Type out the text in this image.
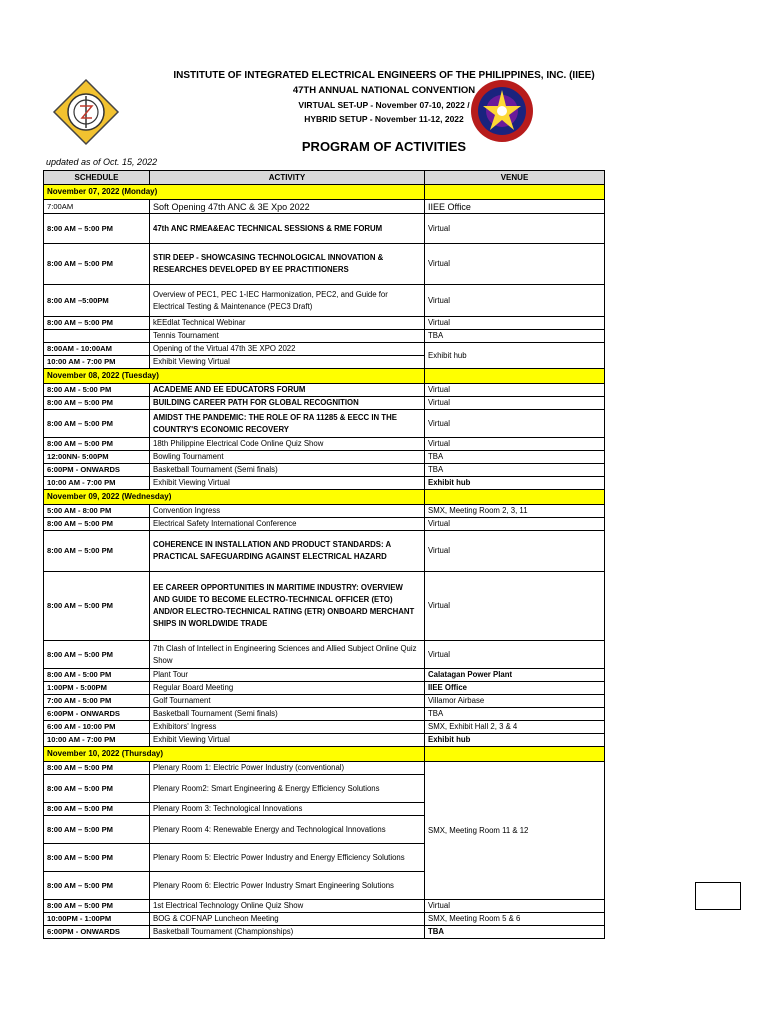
INSTITUTE OF INTEGRATED ELECTRICAL ENGINEERS OF THE PHILIPPINES, INC. (IIEE)
47TH ANNUAL NATIONAL CONVENTION
VIRTUAL SET-UP - November 07-10, 2022 /
HYBRID SETUP - November 11-12, 2022
PROGRAM OF ACTIVITIES
updated as of Oct. 15, 2022
SCHEDULE	ACTIVITY	VENUE
November 07, 2022 (Monday)		
7:00AM	Soft Opening 47th ANC & 3E Xpo 2022	IIEE Office
8:00 AM – 5:00 PM	47th ANC RMEA&EAC TECHNICAL SESSIONS & RME FORUM	Virtual
8:00 AM – 5:00 PM	STIR DEEP - SHOWCASING TECHNOLOGICAL INNOVATION & RESEARCHES DEVELOPED BY EE PRACTITIONERS	Virtual
8:00 AM –5:00PM	Overview of PEC1, PEC 1-IEC Harmonization, PEC2, and Guide for Electrical Testing & Maintenance (PEC3 Draft)	Virtual
8:00 AM – 5:00 PM	kEEdlat Technical Webinar	Virtual
	Tennis Tournament	TBA
8:00AM - 10:00AM	Opening of the Virtual 47th 3E XPO 2022	Exhibit hub
10:00 AM - 7:00 PM	Exhibit Viewing Virtual	
November 08, 2022 (Tuesday)		
8:00 AM - 5:00 PM	ACADEME AND EE EDUCATORS FORUM	Virtual
8:00 AM – 5:00 PM	BUILDING CAREER PATH FOR GLOBAL RECOGNITION	Virtual
8:00 AM – 5:00 PM	AMIDST THE PANDEMIC: THE ROLE OF RA 11285 & EECC IN THE COUNTRY'S ECONOMIC RECOVERY	Virtual
8:00 AM – 5:00 PM	18th Philippine Electrical Code Online Quiz Show	Virtual
12:00NN- 5:00PM	Bowling Tournament	TBA
6:00PM - ONWARDS	Basketball Tournament (Semi finals)	TBA
10:00 AM - 7:00 PM	Exhibit Viewing Virtual	Exhibit hub
November 09, 2022 (Wednesday)		
5:00 AM - 8:00 PM	Convention Ingress	SMX, Meeting Room 2, 3, 11
8:00 AM – 5:00 PM	Electrical Safety International Conference	Virtual
8:00 AM – 5:00 PM	COHERENCE IN INSTALLATION AND PRODUCT STANDARDS: A PRACTICAL SAFEGUARDING AGAINST ELECTRICAL HAZARD	Virtual
8:00 AM – 5:00 PM	EE CAREER OPPORTUNITIES IN MARITIME INDUSTRY: OVERVIEW AND GUIDE TO BECOME ELECTRO-TECHNICAL OFFICER (ETO) AND/OR ELECTRO-TECHNICAL RATING (ETR) ONBOARD MERCHANT SHIPS IN WORLDWIDE TRADE	Virtual
8:00 AM – 5:00 PM	7th Clash of Intellect in Engineering Sciences and Allied Subject Online Quiz Show	Virtual
8:00 AM - 5:00 PM	Plant Tour	Calatagan Power Plant
1:00PM - 5:00PM	Regular Board Meeting	IIEE Office
7:00 AM - 5:00 PM	Golf Tournament	Villamor Airbase
6:00PM - ONWARDS	Basketball Tournament (Semi finals)	TBA
6:00 AM - 10:00 PM	Exhibitors' Ingress	SMX, Exhibit Hall 2, 3 & 4
10:00 AM - 7:00 PM	Exhibit Viewing Virtual	Exhibit hub
November 10, 2022 (Thursday)		
8:00 AM – 5:00 PM	Plenary Room 1: Electric Power Industry (conventional)	SMX, Meeting Room 11 & 12
8:00 AM – 5:00 PM	Plenary Room2: Smart Engineering & Energy Efficiency Solutions	
8:00 AM – 5:00 PM	Plenary Room 3: Technological Innovations	
8:00 AM – 5:00 PM	Plenary Room 4: Renewable Energy and Technological Innovations	
8:00 AM – 5:00 PM	Plenary Room 5: Electric Power Industry and Energy Efficiency Solutions	
8:00 AM – 5:00 PM	Plenary Room 6: Electric Power Industry Smart Engineering Solutions	
8:00 AM – 5:00 PM	1st Electrical Technology Online Quiz Show	Virtual
10:00PM - 1:00PM	BOG & COFNAP Luncheon Meeting	SMX, Meeting Room 5 & 6
6:00PM - ONWARDS	Basketball Tournament (Championships)	TBA
